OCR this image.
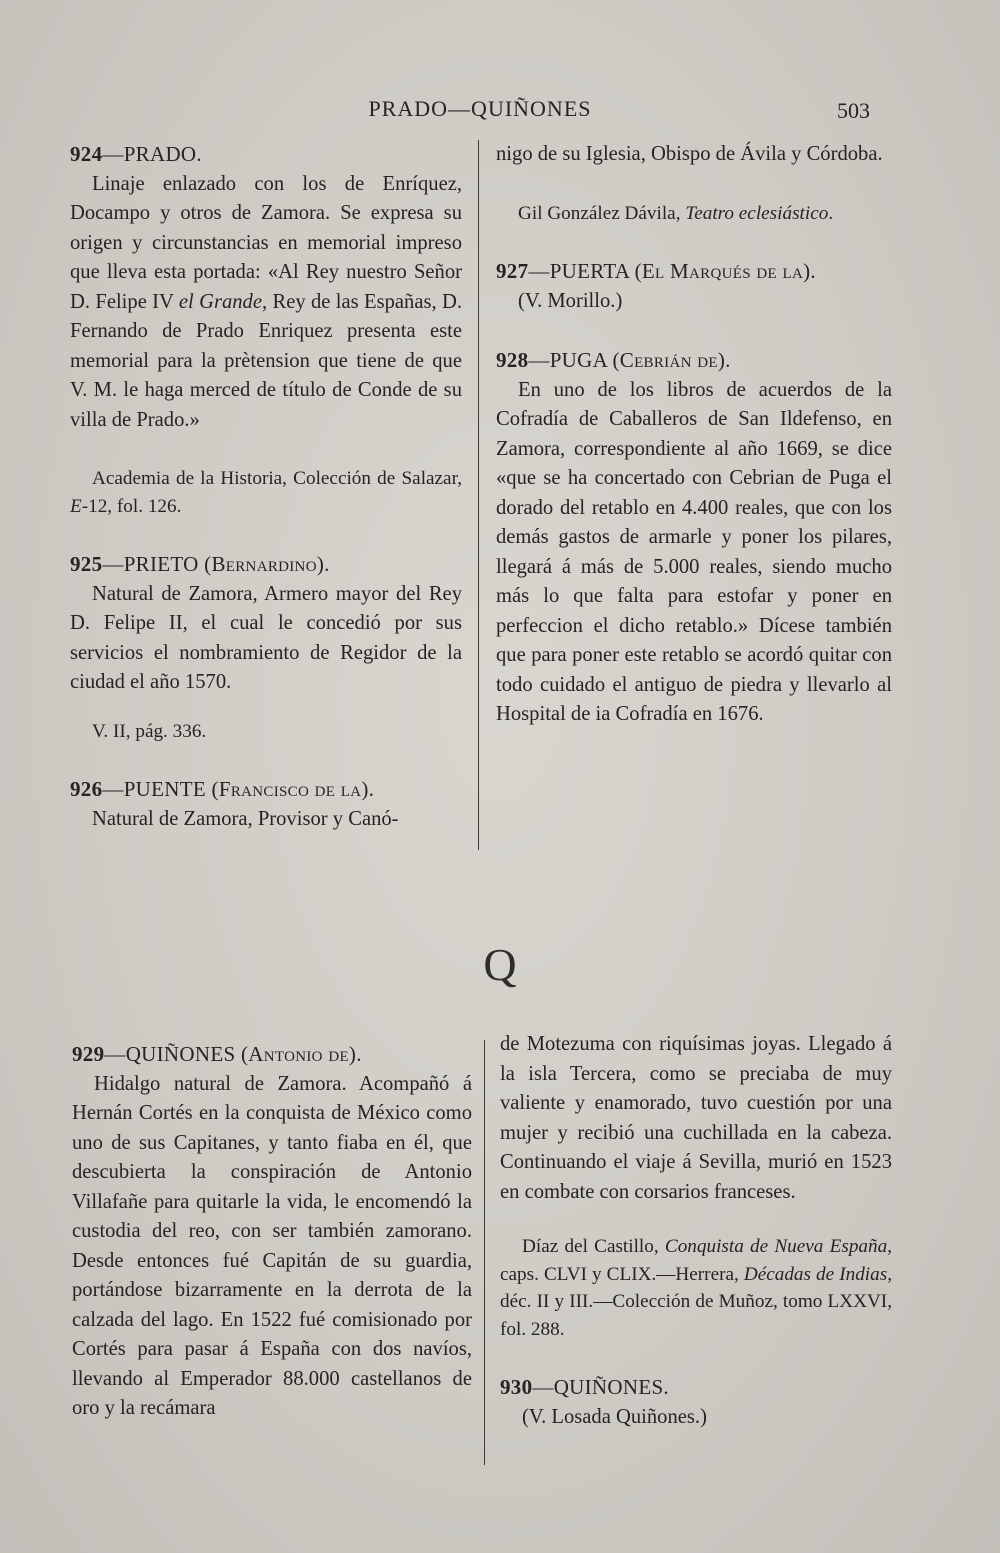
PRADO—QUIÑONES	503
924—PRADO.

Linaje enlazado con los de Enríquez, Docampo y otros de Zamora. Se expresa su origen y circunstancias en memorial impreso que lleva esta portada: «Al Rey nuestro Señor D. Felipe IV el Grande, Rey de las Españas, D. Fernando de Prado Enriquez presenta este memorial para la prètension que tiene de que V. M. le haga merced de título de Conde de su villa de Prado.»

Academia de la Historia, Colección de Salazar, E-12, fol. 126.

925—PRIETO (Bernardino).

Natural de Zamora, Armero mayor del Rey D. Felipe II, el cual le concedió por sus servicios el nombramiento de Regidor de la ciudad el año 1570.

V. II, pág. 336.

926—PUENTE (Francisco de la).

Natural de Zamora, Provisor y Canó-

nigo de su Iglesia, Obispo de Ávila y Córdoba.

Gil González Dávila, Teatro eclesiástico.

927—PUERTA (El Marqués de la).

(V. Morillo.)

928—PUGA (Cebrián de).

En uno de los libros de acuerdos de la Cofradía de Caballeros de San Ildefenso, en Zamora, correspondiente al año 1669, se dice «que se ha concertado con Cebrian de Puga el dorado del retablo en 4.400 reales, que con los demás gastos de armarle y poner los pilares, llegará á más de 5.000 reales, siendo mucho más lo que falta para estofar y poner en perfeccion el dicho retablo.» Dícese también que para poner este retablo se acordó quitar con todo cuidado el antiguo de piedra y llevarlo al Hospital de ia Cofradía en 1676.

Q
929—QUIÑONES (Antonio de).

Hidalgo natural de Zamora. Acompañó á Hernán Cortés en la conquista de México como uno de sus Capitanes, y tanto fiaba en él, que descubierta la conspiración de Antonio Villafañe para quitarle la vida, le encomendó la custodia del reo, con ser también zamorano. Desde entonces fué Capitán de su guardia, portándose bizarramente en la derrota de la calzada del lago. En 1522 fué comisionado por Cortés para pasar á España con dos navíos, llevando al Emperador 88.000 castellanos de oro y la recámara

de Motezuma con riquísimas joyas. Llegado á la isla Tercera, como se preciaba de muy valiente y enamorado, tuvo cuestión por una mujer y recibió una cuchillada en la cabeza. Continuando el viaje á Sevilla, murió en 1523 en combate con corsarios franceses.

Díaz del Castillo, Conquista de Nueva España, caps. CLVI y CLIX.—Herrera, Décadas de Indias, déc. II y III.—Colección de Muñoz, tomo LXXVI, fol. 288.

930—QUIÑONES.

(V. Losada Quiñones.)
